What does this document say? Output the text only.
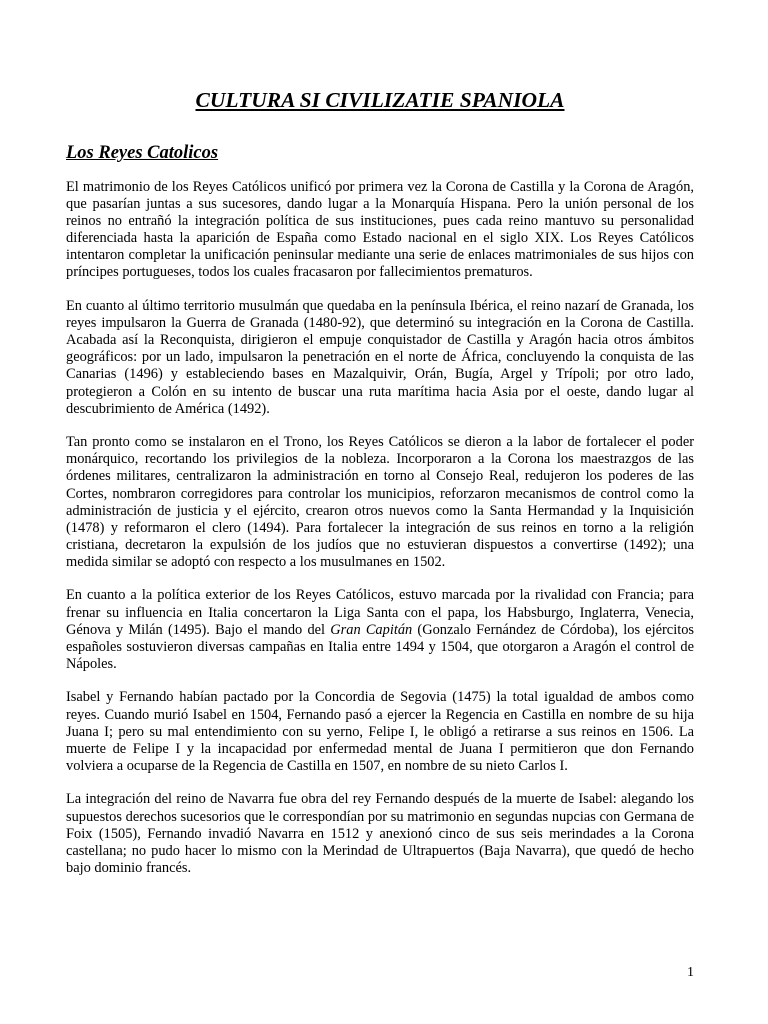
CULTURA SI CIVILIZATIE SPANIOLA
Los Reyes Catolicos

El matrimonio de los Reyes Católicos unificó por primera vez la Corona de Castilla y la Corona de Aragón, que pasarían juntas a sus sucesores, dando lugar a la Monarquía Hispana. Pero la unión personal de los reinos no entrañó la integración política de sus instituciones, pues cada reino mantuvo su personalidad diferenciada hasta la aparición de España como Estado nacional en el siglo XIX. Los Reyes Católicos intentaron completar la unificación peninsular mediante una serie de enlaces matrimoniales de sus hijos con príncipes portugueses, todos los cuales fracasaron por fallecimientos prematuros.

En cuanto al último territorio musulmán que quedaba en la península Ibérica, el reino nazarí de Granada, los reyes impulsaron la Guerra de Granada (1480-92), que determinó su integración en la Corona de Castilla. Acabada así la Reconquista, dirigieron el empuje conquistador de Castilla y Aragón hacia otros ámbitos geográficos: por un lado, impulsaron la penetración en el norte de África, concluyendo la conquista de las Canarias (1496) y estableciendo bases en Mazalquivir, Orán, Bugía, Argel y Trípoli; por otro lado, protegieron a Colón en su intento de buscar una ruta marítima hacia Asia por el oeste, dando lugar al descubrimiento de América (1492).

Tan pronto como se instalaron en el Trono, los Reyes Católicos se dieron a la labor de fortalecer el poder monárquico, recortando los privilegios de la nobleza. Incorporaron a la Corona los maestrazgos de las órdenes militares, centralizaron la administración en torno al Consejo Real, redujeron los poderes de las Cortes, nombraron corregidores para controlar los municipios, reforzaron mecanismos de control como la administración de justicia y el ejército, crearon otros nuevos como la Santa Hermandad y la Inquisición (1478) y reformaron el clero (1494). Para fortalecer la integración de sus reinos en torno a la religión cristiana, decretaron la expulsión de los judíos que no estuvieran dispuestos a convertirse (1492); una medida similar se adoptó con respecto a los musulmanes en 1502.

En cuanto a la política exterior de los Reyes Católicos, estuvo marcada por la rivalidad con Francia; para frenar su influencia en Italia concertaron la Liga Santa con el papa, los Habsburgo, Inglaterra, Venecia, Génova y Milán (1495). Bajo el mando del Gran Capitán (Gonzalo Fernández de Córdoba), los ejércitos españoles sostuvieron diversas campañas en Italia entre 1494 y 1504, que otorgaron a Aragón el control de Nápoles.

Isabel y Fernando habían pactado por la Concordia de Segovia (1475) la total igualdad de ambos como reyes. Cuando murió Isabel en 1504, Fernando pasó a ejercer la Regencia en Castilla en nombre de su hija Juana I; pero su mal entendimiento con su yerno, Felipe I, le obligó a retirarse a sus reinos en 1506. La muerte de Felipe I y la incapacidad por enfermedad mental de Juana I permitieron que don Fernando volviera a ocuparse de la Regencia de Castilla en 1507, en nombre de su nieto Carlos I.

La integración del reino de Navarra fue obra del rey Fernando después de la muerte de Isabel: alegando los supuestos derechos sucesorios que le correspondían por su matrimonio en segundas nupcias con Germana de Foix (1505), Fernando invadió Navarra en 1512 y anexionó cinco de sus seis merindades a la Corona castellana; no pudo hacer lo mismo con la Merindad de Ultrapuertos (Baja Navarra), que quedó de hecho bajo dominio francés.

1
